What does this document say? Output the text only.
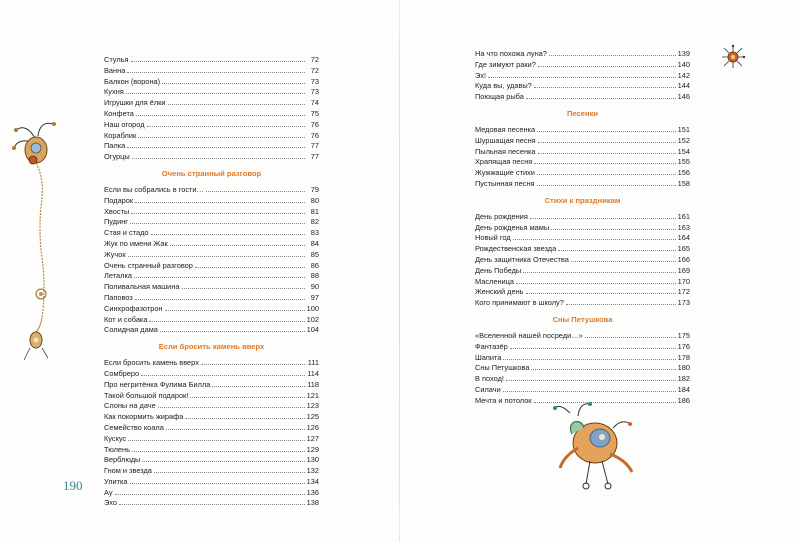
Стулья	72
Ванна	72
Балкон (ворона)	73
Кухня	73
Игрушки для ёлки	74
Конфета	75
Наш огород	76
Кораблик	76
Палка	77
Огурцы	77
Очень странный разговор
Если вы собрались в гости…	79
Подарок	80
Хвосты	81
Пудинг	82
Стая и стадо	83
Жук по имени Жак	84
Жучок	85
Очень странный разговор	86
Леталка	88
Поливальная машина	90
Паповоз	97
Синхрофазотрон	100
Кот и собака	102
Солидная дама	104
Если бросить камень вверх
Если бросить камень вверх	111
Сомбреро	114
Про негритёнка Фулима Билла	118
Такой большой подарок!	121
Слоны на даче	123
Как покормить жирафа	125
Семейство коала	126
Кускус	127
Тюлень	129
Верблюды	130
Гном и звезда	132
Улитка	134
Ау	136
Эхо	138
190
На что похожа луна?	139
Где зимуют раки?	140
Эх!	142
Куда вы, удавы?	144
Поющая рыба	146
Песенки
Медовая песенка	151
Шуршащая песня	152
Пыльная песенка	154
Храпящая песня	155
Жужжащие стихи	156
Пустынная песня	158
Стихи к праздникам
День рождения	161
День рожденья мамы	163
Новый год	164
Рождественская звезда	165
День защитника Отечества	166
День Победы	169
Масленица	170
Женский день	172
Кого принимают в школу?	173
Сны Петушкова
«Вселенной нашей посреди…»	175
Фантазёр	176
Шапита	178
Сны Петушкова	180
В поход!	182
Силачи	184
Мечта и потолок	186
